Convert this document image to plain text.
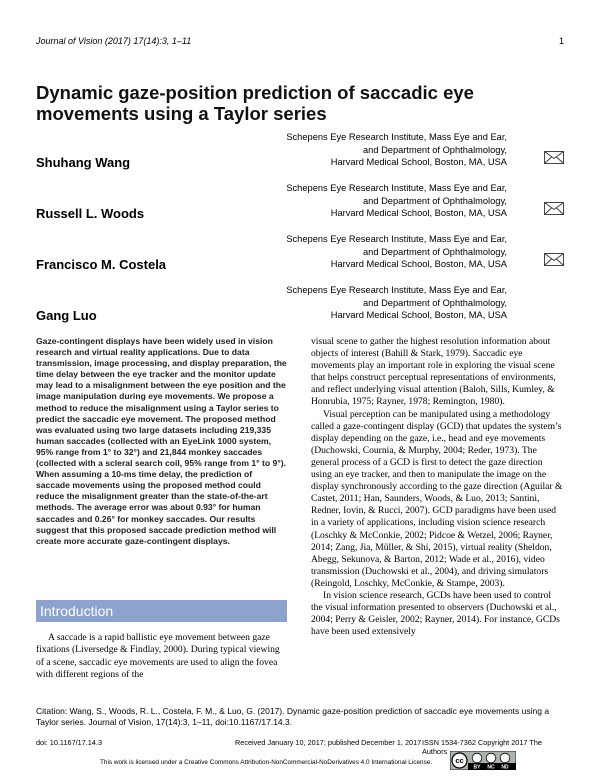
Journal of Vision (2017) 17(14):3, 1–11	1
Dynamic gaze-position prediction of saccadic eye movements using a Taylor series
Shuhang Wang
Schepens Eye Research Institute, Mass Eye and Ear,
and Department of Ophthalmology,
Harvard Medical School, Boston, MA, USA
Russell L. Woods
Schepens Eye Research Institute, Mass Eye and Ear,
and Department of Ophthalmology,
Harvard Medical School, Boston, MA, USA
Francisco M. Costela
Schepens Eye Research Institute, Mass Eye and Ear,
and Department of Ophthalmology,
Harvard Medical School, Boston, MA, USA
Gang Luo
Schepens Eye Research Institute, Mass Eye and Ear,
and Department of Ophthalmology,
Harvard Medical School, Boston, MA, USA
Gaze-contingent displays have been widely used in vision research and virtual reality applications. Due to data transmission, image processing, and display preparation, the time delay between the eye tracker and the monitor update may lead to a misalignment between the eye position and the image manipulation during eye movements. We propose a method to reduce the misalignment using a Taylor series to predict the saccadic eye movement. The proposed method was evaluated using two large datasets including 219,335 human saccades (collected with an EyeLink 1000 system, 95% range from 1° to 32°) and 21,844 monkey saccades (collected with a scleral search coil, 95% range from 1° to 9°). When assuming a 10-ms time delay, the prediction of saccade movements using the proposed method could reduce the misalignment greater than the state-of-the-art methods. The average error was about 0.93° for human saccades and 0.26° for monkey saccades. Our results suggest that this proposed saccade prediction method will create more accurate gaze-contingent displays.
Introduction
A saccade is a rapid ballistic eye movement between gaze fixations (Liversedge & Findlay, 2000). During typical viewing of a scene, saccadic eye movements are used to align the fovea with different regions of the

visual scene to gather the highest resolution information about objects of interest (Bahill & Stark, 1979). Saccadic eye movements play an important role in exploring the visual scene that helps construct perceptual representations of environments, and reflect underlying visual attention (Baloh, Sills, Kumley, & Honrubia, 1975; Rayner, 1978; Remington, 1980).

Visual perception can be manipulated using a methodology called a gaze-contingent display (GCD) that updates the system’s display depending on the gaze, i.e., head and eye movements (Duchowski, Cournia, & Murphy, 2004; Reder, 1973). The general process of a GCD is first to detect the gaze direction using an eye tracker, and then to manipulate the image on the display synchronously according to the gaze direction (Aguilar & Castet, 2011; Han, Saunders, Woods, & Luo, 2013; Santini, Redner, Iovin, & Rucci, 2007). GCD paradigms have been used in a variety of applications, including vision science research (Loschky & McConkie, 2002; Pidcoe & Wetzel, 2006; Rayner, 2014; Zang, Jia, Müller, & Shi, 2015), virtual reality (Sheldon, Abegg, Sekunova, & Barton, 2012; Wade et al., 2016), video transmission (Duchowski et al., 2004), and driving simulators (Reingold, Loschky, McConkie, & Stampe, 2003).

In vision science research, GCDs have been used to control the visual information presented to observers (Duchowski et al., 2004; Perry & Geisler, 2002; Rayner, 2014). For instance, GCDs have been used extensively

Citation: Wang, S., Woods, R. L., Costela, F. M., & Luo, G. (2017). Dynamic gaze-position prediction of saccadic eye movements using a Taylor series. Journal of Vision, 17(14):3, 1–11, doi:10.1167/17.14.3.
doi: 10.1167/17.14.3	Received January 10, 2017; published December 1, 2017 ISSN 1534-7362 Copyright 2017 The Authors
This work is licensed under a Creative Commons Attribution-NonCommercial-NoDerivatives 4.0 International License.	cc
BY NC ND
